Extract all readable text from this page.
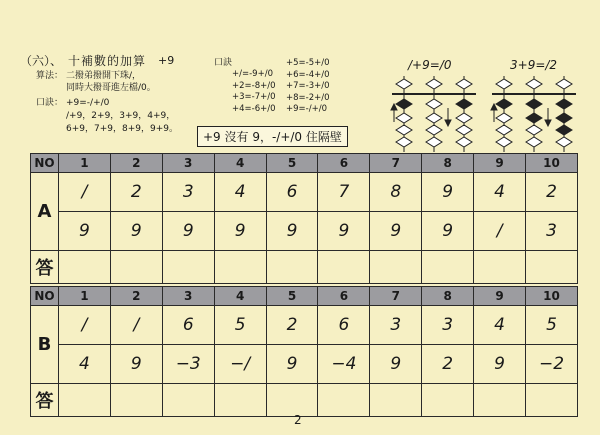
（六）、 十補數的加算 +9
算法： 二撥弟撥開下珠/，
同時大撥哥進左檔/0。
口訣： +9=-/+/0
/+9，2+9，3+9，4+9，
6+9，7+9，8+9，9+9。
口訣
+/=-9+/0
+2=-8+/0
+3=-7+/0
+4=-6+/0
+5=-5+/0
+6=-4+/0
+7=-3+/0
+8=-2+/0
+9=-/+/0
+9 沒有 9，-/+/0 住隔壁
/+9=/0	3+9=/2
NO	1	2	3	4	5	6	7	8	9	10
A	/	2	3	4	6	7	8	9	4	2
	9	9	9	9	9	9	9	9	/	3
答										
NO	1	2	3	4	5	6	7	8	9	10
B	/	/	6	5	2	6	3	3	4	5
	4	9	−3	−/	9	−4	9	2	9	−2
答										
2
